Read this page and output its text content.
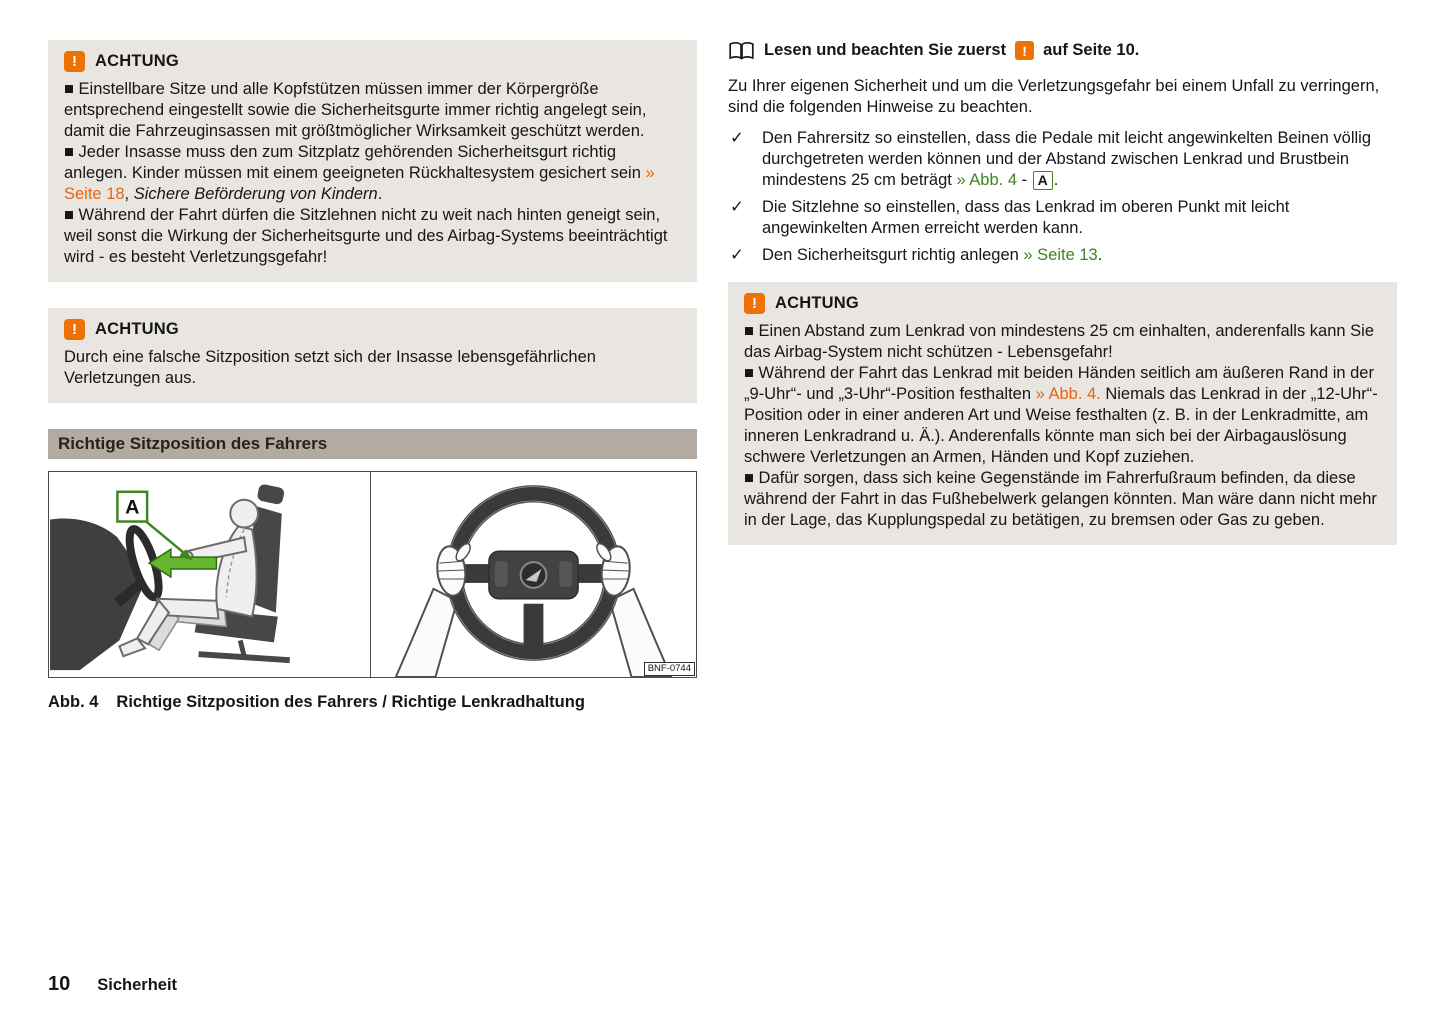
!	ACHTUNG

■ Einstellbare Sitze und alle Kopfstützen müssen immer der Körpergröße entsprechend eingestellt sowie die Sicherheitsgurte immer richtig angelegt sein, damit die Fahrzeuginsassen mit größtmöglicher Wirksamkeit geschützt werden.

■ Jeder Insasse muss den zum Sitzplatz gehörenden Sicherheitsgurt richtig anlegen. Kinder müssen mit einem geeigneten Rückhaltesystem gesichert sein » Seite 18, Sichere Beförderung von Kindern.

■ Während der Fahrt dürfen die Sitzlehnen nicht zu weit nach hinten geneigt sein, weil sonst die Wirkung der Sicherheitsgurte und des Airbag-Systems beeinträchtigt wird - es besteht Verletzungsgefahr!

!	ACHTUNG

Durch eine falsche Sitzposition setzt sich der Insasse lebensgefährlichen Verletzungen aus.

Richtige Sitzposition des Fahrers
A
BNF-0744
Abb. 4 Richtige Sitzposition des Fahrers / Richtige Lenkradhaltung
Lesen und beachten Sie zuerst	! auf Seite 10.

Zu Ihrer eigenen Sicherheit und um die Verletzungsgefahr bei einem Unfall zu verringern, sind die folgenden Hinweise zu beachten.

✓	Den Fahrersitz so einstellen, dass die Pedale mit leicht angewinkelten Beinen völlig durchgetreten werden können und der Abstand zwischen Lenkrad und Brustbein mindestens 25 cm beträgt » Abb. 4 - A .
✓	Die Sitzlehne so einstellen, dass das Lenkrad im oberen Punkt mit leicht angewinkelten Armen erreicht werden kann.
✓	Den Sicherheitsgurt richtig anlegen » Seite 13.
!	ACHTUNG

■ Einen Abstand zum Lenkrad von mindestens 25 cm einhalten, anderenfalls kann Sie das Airbag-System nicht schützen - Lebensgefahr!

■ Während der Fahrt das Lenkrad mit beiden Händen seitlich am äußeren Rand in der „9-Uhr“- und „3-Uhr“-Position festhalten » Abb. 4. Niemals das Lenkrad in der „12-Uhr“-Position oder in einer anderen Art und Weise festhalten (z. B. in der Lenkradmitte, am inneren Lenkradrand u. Ä.). Anderenfalls könnte man sich bei der Airbagauslösung schwere Verletzungen an Armen, Händen und Kopf zuziehen.

■ Dafür sorgen, dass sich keine Gegenstände im Fahrerfußraum befinden, da diese während der Fahrt in das Fußhebelwerk gelangen könnten. Man wäre dann nicht mehr in der Lage, das Kupplungspedal zu betätigen, zu bremsen oder Gas zu geben.

10 Sicherheit
